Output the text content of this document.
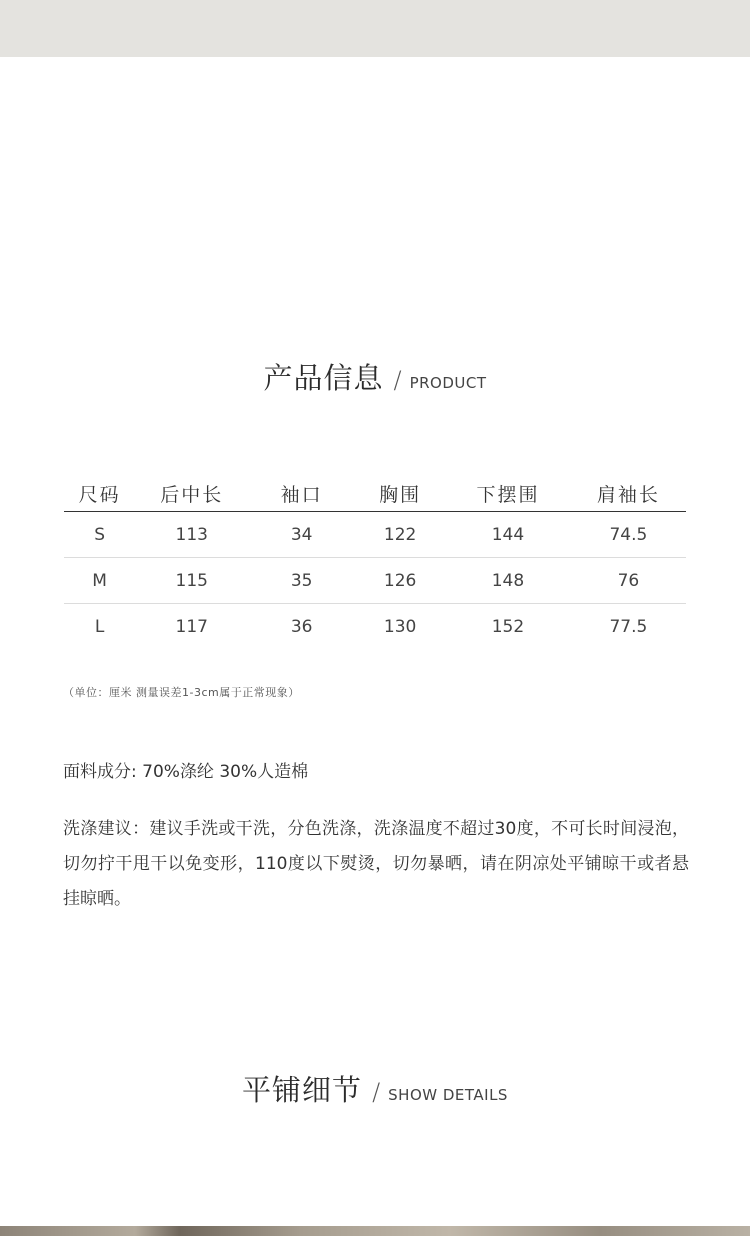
产品信息 / PRODUCT
尺码	后中长	袖口	胸围	下摆围	肩袖长
S	113	34	122	144	74.5
M	115	35	126	148	76
L	117	36	130	152	77.5
（单位：厘米 测量误差1-3cm属于正常现象）
面料成分: 70%涤纶 30%人造棉
洗涤建议：建议手洗或干洗，分色洗涤，洗涤温度不超过30度，不可长时间浸泡，切勿拧干甩干以免变形，110度以下熨烫，切勿暴晒，请在阴凉处平铺晾干或者悬挂晾晒。
平铺细节 / SHOW DETAILS
